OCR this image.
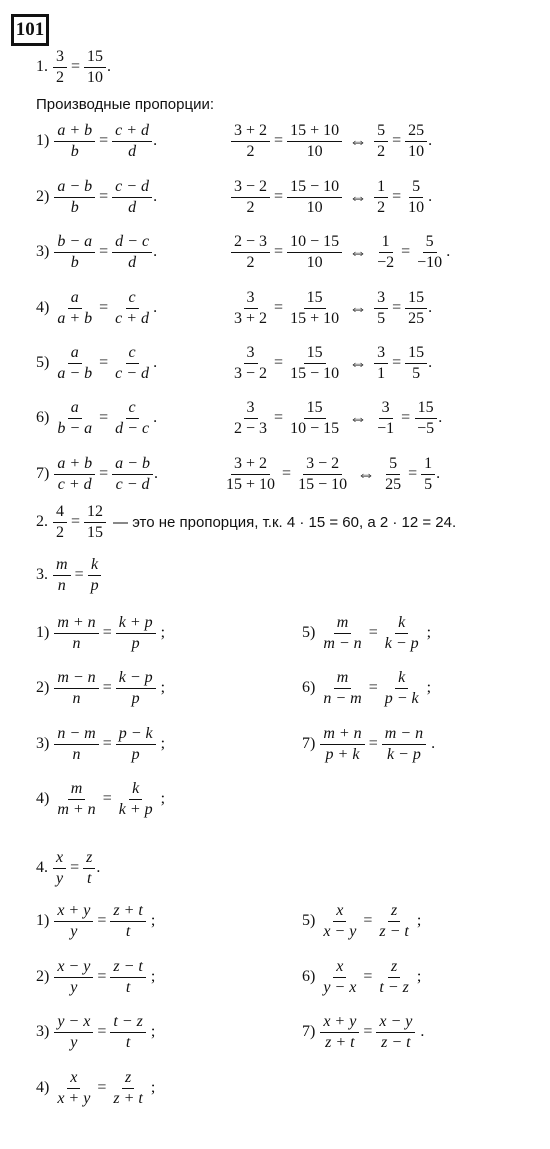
101
1. $\frac{3}{2} = \frac{15}{10}$ .
Производные пропорции:
$1) \frac{a + b}{b} = \frac{c + d}{d}$ .	$\frac{3 + 2}{2} = \frac{15 + 10}{10}$ ⇔ $\frac{5}{2} = \frac{25}{10}$ .
$2) \frac{a - b}{b} = \frac{c - d}{d}$ .	$\frac{3 - 2}{2} = \frac{15 - 10}{10}$ ⇔ $\frac{1}{2} = \frac{5}{10}$ .
$3) \frac{b - a}{b} = \frac{d - c}{d}$ .	$\frac{2 - 3}{2} = \frac{10 - 15}{10}$ ⇔ $\frac{1}{-2} = \frac{5}{-10}$ .
$4) \frac{a}{a + b} = \frac{c}{c + d}$ .	$\frac{3}{3 + 2} = \frac{15}{15 + 10}$ ⇔ $\frac{3}{5} = \frac{15}{25}$ .
$5) \frac{a}{a - b} = \frac{c}{c - d}$ .	$\frac{3}{3 - 2} = \frac{15}{15 - 10}$ ⇔ $\frac{3}{1} = \frac{15}{5}$ .
$6) \frac{a}{b - a} = \frac{c}{d - c}$ .	$\frac{3}{2 - 3} = \frac{15}{10 - 15}$ ⇔ $\frac{3}{-1} = \frac{15}{-5}$ .
$7) \frac{a + b}{c + d} = \frac{a - b}{c - d}$ .	$\frac{3 + 2}{15 + 10} = \frac{3 - 2}{15 - 10}$ ⇔ $\frac{5}{25} = \frac{1}{5}$ .
2. $\frac{4}{2} = \frac{12}{15}$ — это не пропорция, т.к. 4 · 15 = 60, а 2 · 12 = 24.
3. $\frac{m}{n} = \frac{k}{p}$
$1) \frac{m + n}{n} = \frac{k + p}{p}$ ;
$2) \frac{m - n}{n} = \frac{k - p}{p}$ ;
$3) \frac{n - m}{n} = \frac{p - k}{p}$ ;
$4) \frac{m}{m + n} = \frac{k}{k + p}$ ;
$5) \frac{m}{m - n} = \frac{k}{k - p}$ ;
$6) \frac{m}{n - m} = \frac{k}{p - k}$ ;
$7) \frac{m + n}{p + k} = \frac{m - n}{k - p}$ .
4. $\frac{x}{y} = \frac{z}{t}$ .
$1) \frac{x + y}{y} = \frac{z + t}{t}$ ;
$2) \frac{x - y}{y} = \frac{z - t}{t}$ ;
$3) \frac{y - x}{y} = \frac{t - z}{t}$ ;
$4) \frac{x}{x + y} = \frac{z}{z + t}$ ;
$5) \frac{x}{x - y} = \frac{z}{z - t}$ ;
$6) \frac{x}{y - x} = \frac{z}{t - z}$ ;
$7) \frac{x + y}{z + t} = \frac{x - y}{z - t}$ .
